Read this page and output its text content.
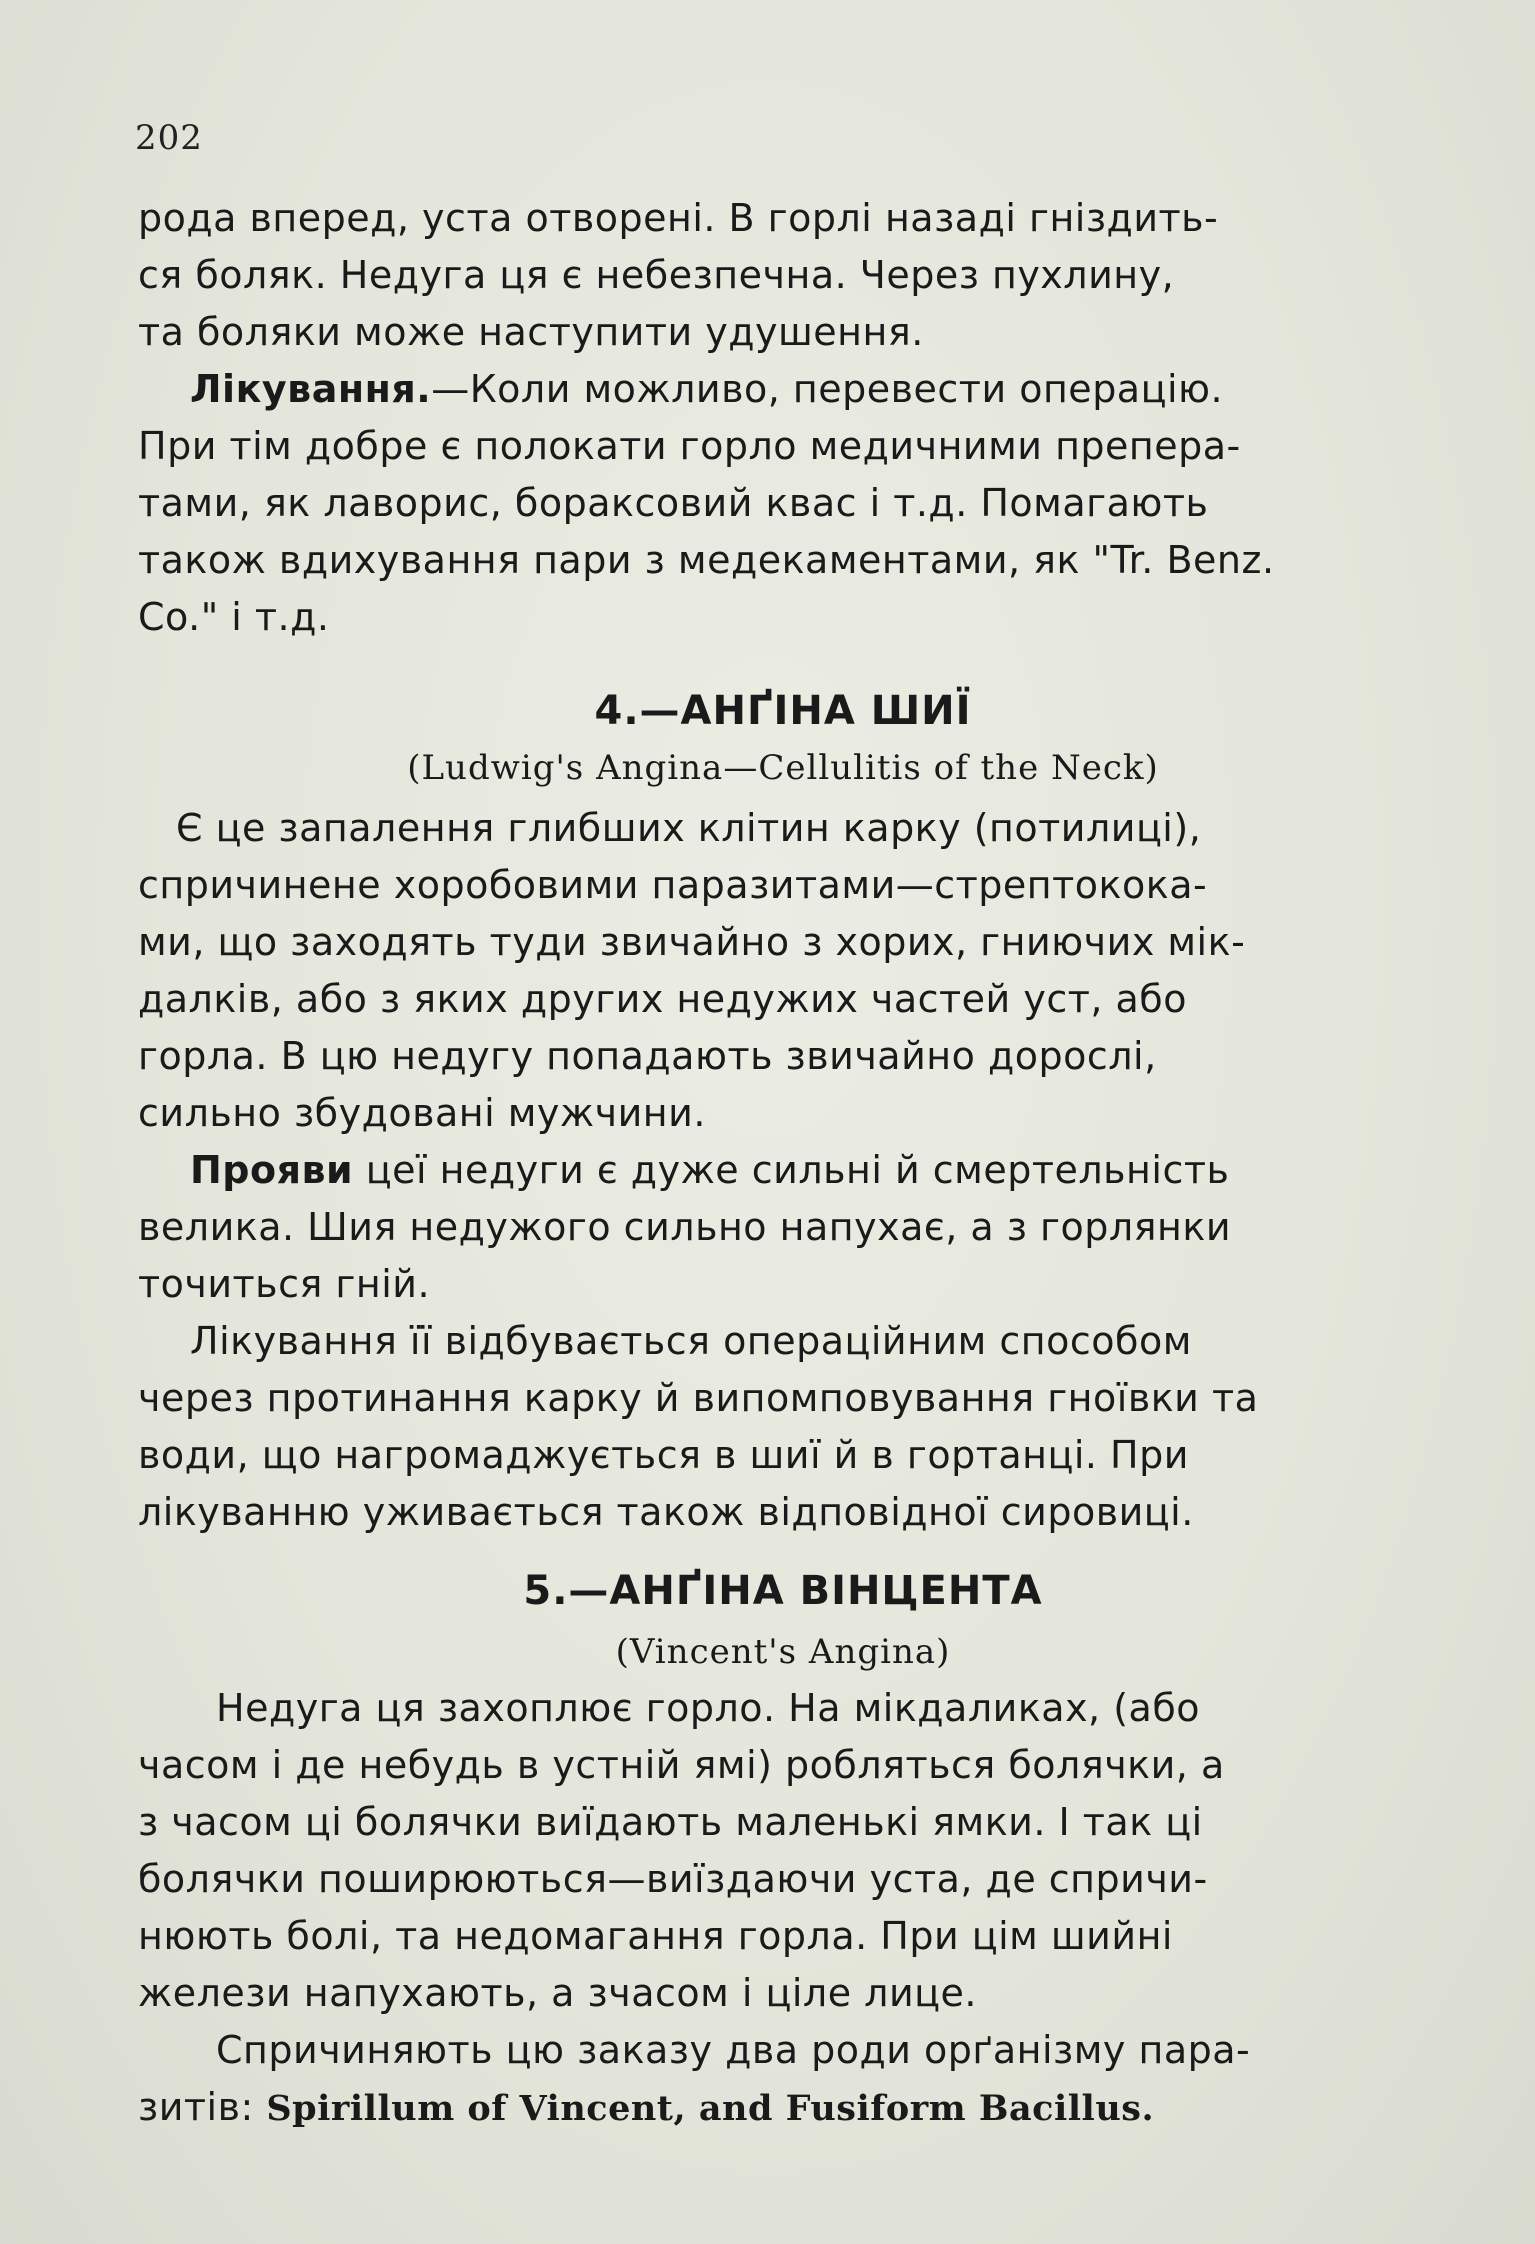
202
рода вперед, уста отворені. В горлі назаді гніздить-
ся боляк. Недуга ця є небезпечна. Через пухлину,
та боляки може наступити удушення.
Лікування.—Коли можливо, перевести операцію.
При тім добре є полокати горло медичними препера-
тами, як лаворис, бораксовий квас і т.д. Помагають
також вдихування пари з медекаментами, як "Tr. Benz.
Co." і т.д.
4.—АНҐІНА ШИЇ
(Ludwig's Angina—Cellulitis of the Neck)
Є це запалення глибших клітин карку (потилиці),
спричинене хоробовими паразитами—стрептокока-
ми, що заходять туди звичайно з хорих, гниючих мік-
далків, або з яких других недужих частей уст, або
горла. В цю недугу попадають звичайно дорослі,
сильно збудовані мужчини.
Прояви цеї недуги є дуже сильні й смертельність
велика. Шия недужого сильно напухає, а з горлянки
точиться гній.
Лікування її відбувається операційним способом
через протинання карку й випомповування гноївки та
води, що нагромаджується в шиї й в гортанці. При
лікуванню уживається також відповідної сировиці.
5.—АНҐІНА ВІНЦЕНТА
(Vincent's Angina)
Недуга ця захоплює горло. На мікдаликах, (або
часом і де небудь в устній ямі) робляться болячки, а
з часом ці болячки виїдають маленькі ямки. І так ці
болячки поширюються—виїздаючи уста, де спричи-
нюють болі, та недомагання горла. При цім шийні
желези напухають, а зчасом і ціле лице.
Спричиняють цю заказу два роди орґанізму пара-
зитів: Spirillum of Vincent, and Fusiform Bacillus.
